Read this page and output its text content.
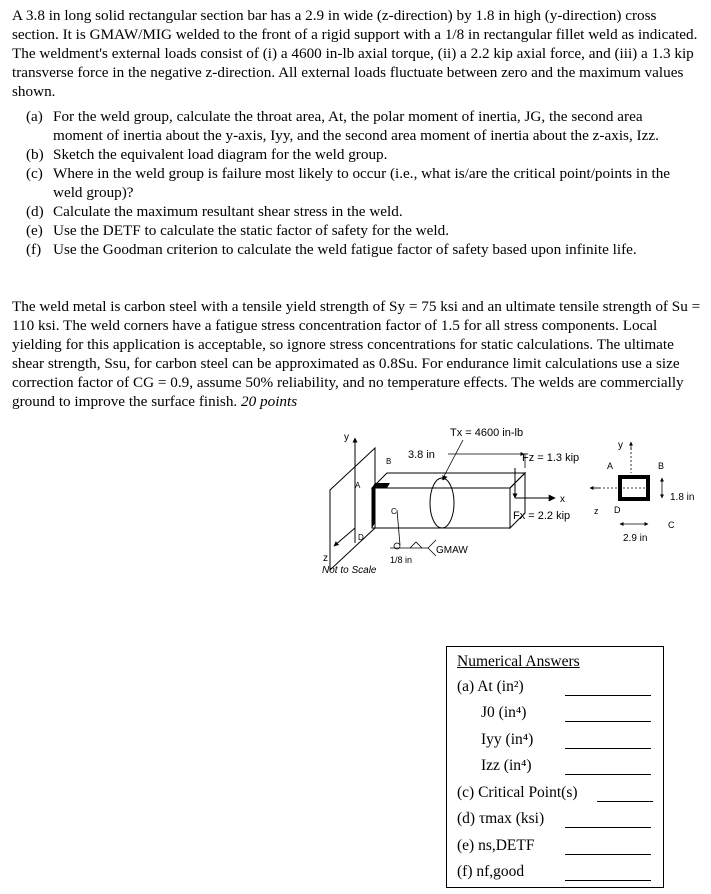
A 3.8 in long solid rectangular section bar has a 2.9 in wide (z-direction) by 1.8 in high (y-direction) cross section. It is GMAW/MIG welded to the front of a rigid support with a 1/8 in rectangular fillet weld as indicated. The weldment's external loads consist of (i) a 4600 in-lb axial torque, (ii) a 2.2 kip axial force, and (iii) a 1.3 kip transverse force in the negative z-direction. All external loads fluctuate between zero and the maximum values shown.

(a) For the weld group, calculate the throat area, At, the polar moment of inertia, JG, the second area moment of inertia about the y-axis, Iyy, and the second area moment of inertia about the z-axis, Izz.
(b) Sketch the equivalent load diagram for the weld group.
(c) Where in the weld group is failure most likely to occur (i.e., what is/are the critical point/points in the weld group)?
(d) Calculate the maximum resultant shear stress in the weld.
(e) Use the DETF to calculate the static factor of safety for the weld.
(f) Use the Goodman criterion to calculate the weld fatigue factor of safety based upon infinite life.

The weld metal is carbon steel with a tensile yield strength of Sy = 75 ksi and an ultimate tensile strength of Su = 110 ksi. The weld corners have a fatigue stress concentration factor of 1.5 for all stress components. Local yielding for this application is acceptable, so ignore stress concentrations for static calculations. The ultimate shear strength, Ssu, for carbon steel can be approximated as 0.8Su. For endurance limit calculations use a size correction factor of CG = 0.9, assume 50% reliability, and no temperature effects. The welds are commercially ground to improve the surface finish. 20 points

y
z
A
B
C
D
3.8 in
Tx = 4600 in-lb
Fz = 1.3 kip
x
Fx = 2.2 kip
1/8 in
GMAW
Not to Scale
y
z
A	B
C
D
2.9 in
1.8 in
Numerical Answers
(a) At (in²)
J0 (in⁴)
Iyy (in⁴)
Izz (in⁴)
(c) Critical Point(s)
(d) τmax (ksi)
(e) ns,DETF
(f) nf,good
